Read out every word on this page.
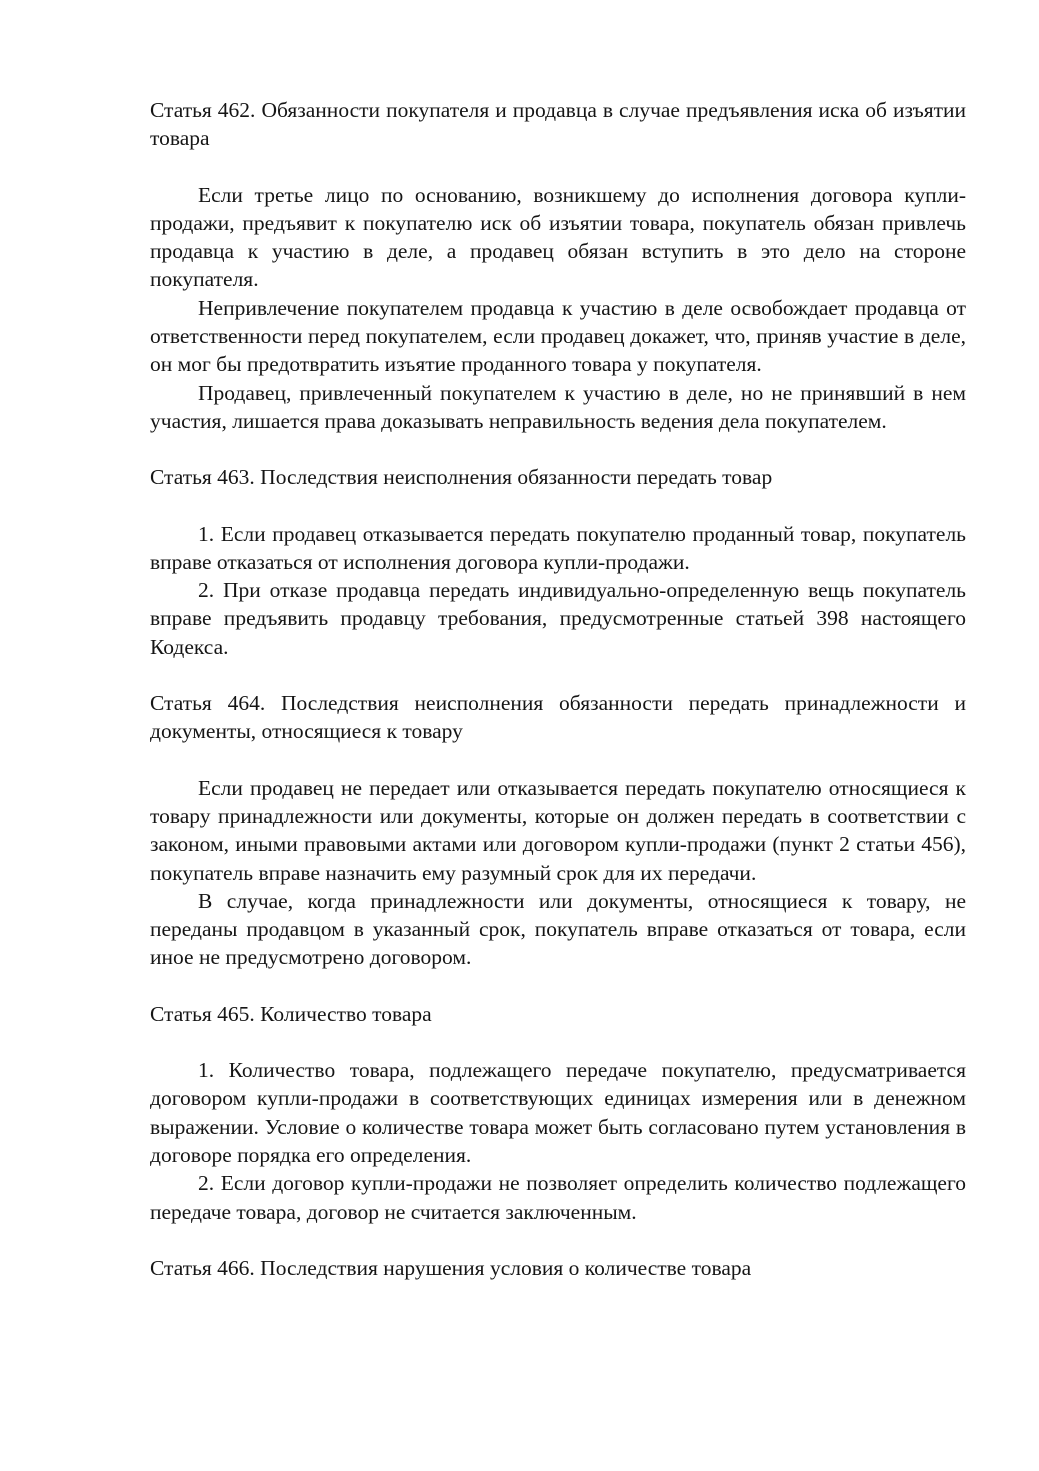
Статья 462. Обязанности покупателя и продавца в случае предъявления иска об изъятии товара

Если третье лицо по основанию, возникшему до исполнения договора купли-продажи, предъявит к покупателю иск об изъятии товара, покупатель обязан привлечь продавца к участию в деле, а продавец обязан вступить в это дело на стороне покупателя.

Непривлечение покупателем продавца к участию в деле освобождает продавца от ответственности перед покупателем, если продавец докажет, что, приняв участие в деле, он мог бы предотвратить изъятие проданного товара у покупателя.

Продавец, привлеченный покупателем к участию в деле, но не принявший в нем участия, лишается права доказывать неправильность ведения дела покупателем.

Статья 463. Последствия неисполнения обязанности передать товар

1. Если продавец отказывается передать покупателю проданный товар, покупатель вправе отказаться от исполнения договора купли-продажи.

2. При отказе продавца передать индивидуально-определенную вещь покупатель вправе предъявить продавцу требования, предусмотренные статьей 398 настоящего Кодекса.

Статья 464. Последствия неисполнения обязанности передать принадлежности и документы, относящиеся к товару

Если продавец не передает или отказывается передать покупателю относящиеся к товару принадлежности или документы, которые он должен передать в соответствии с законом, иными правовыми актами или договором купли-продажи (пункт 2 статьи 456), покупатель вправе назначить ему разумный срок для их передачи.

В случае, когда принадлежности или документы, относящиеся к товару, не переданы продавцом в указанный срок, покупатель вправе отказаться от товара, если иное не предусмотрено договором.

Статья 465. Количество товара

1. Количество товара, подлежащего передаче покупателю, предусматривается договором купли-продажи в соответствующих единицах измерения или в денежном выражении. Условие о количестве товара может быть согласовано путем установления в договоре порядка его определения.

2. Если договор купли-продажи не позволяет определить количество подлежащего передаче товара, договор не считается заключенным.

Статья 466. Последствия нарушения условия о количестве товара
